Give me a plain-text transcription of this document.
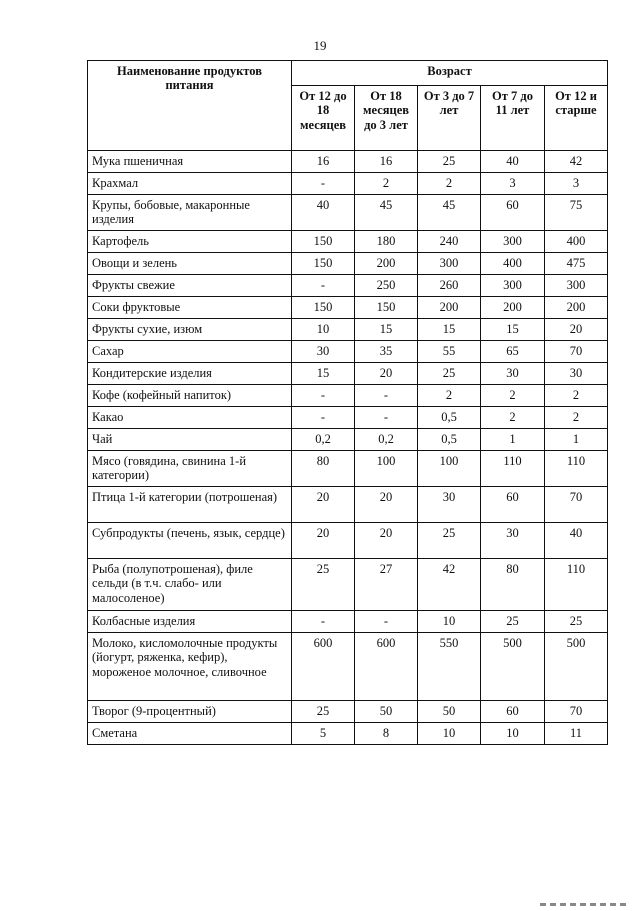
19
Наименование продуктов питания	Возраст				
	От 12 до 18 месяцев	От 18 месяцев до 3 лет	От 3 до 7 лет	От 7 до 11 лет	От 12 и старше
Мука пшеничная	16	16	25	40	42
Крахмал	-	2	2	3	3
Крупы, бобовые, макаронные изделия	40	45	45	60	75
Картофель	150	180	240	300	400
Овощи и зелень	150	200	300	400	475
Фрукты свежие	-	250	260	300	300
Соки фруктовые	150	150	200	200	200
Фрукты сухие, изюм	10	15	15	15	20
Сахар	30	35	55	65	70
Кондитерские изделия	15	20	25	30	30
Кофе (кофейный напиток)	-	-	2	2	2
Какао	-	-	0,5	2	2
Чай	0,2	0,2	0,5	1	1
Мясо (говядина, свинина 1-й категории)	80	100	100	110	110
Птица 1-й категории (потрошеная)	20	20	30	60	70
Субпродукты (печень, язык, сердце)	20	20	25	30	40
Рыба (полупотрошеная), филе сельди (в т.ч. слабо- или малосоленое)	25	27	42	80	110
Колбасные изделия	-	-	10	25	25
Молоко, кисломолочные продукты (йогурт, ряженка, кефир), мороженое молочное, сливочное	600	600	550	500	500
Творог (9-процентный)	25	50	50	60	70
Сметана	5	8	10	10	11
